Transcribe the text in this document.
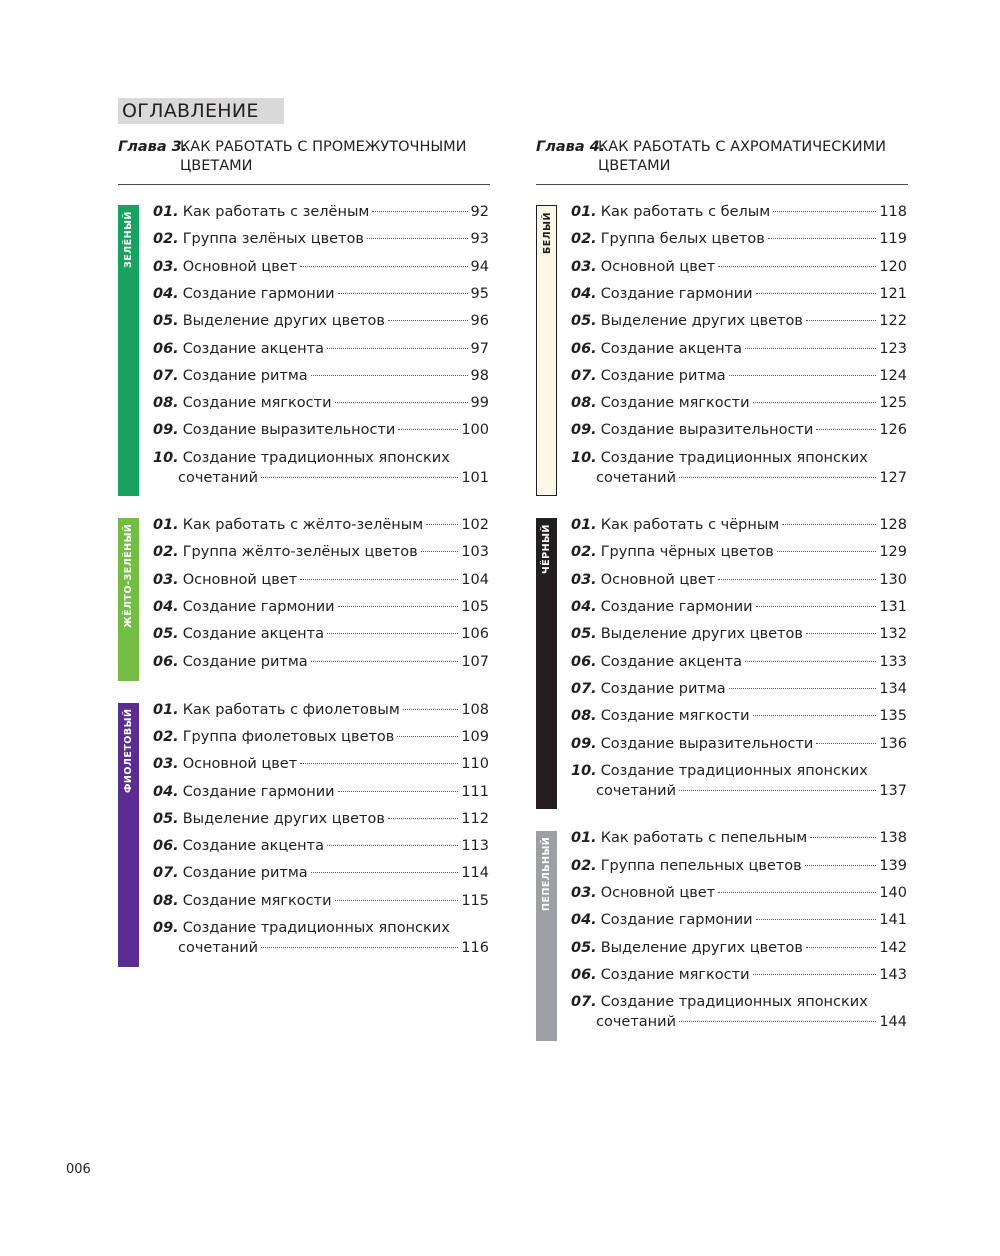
ОГЛАВЛЕНИЕ
Глава 3.
КАК РАБОТАТЬ С ПРОМЕЖУТОЧНЫМИ ЦВЕТАМИ
ЗЕЛЁНЫЙ	01. Как работать с зелёным	92
02. Группа зелёных цветов	93
03. Основной цвет	94
04. Создание гармонии	95
05. Выделение других цветов	96
06. Создание акцента	97
07. Создание ритма	98
08. Создание мягкости	99
09. Создание выразительности	100
10. Создание традиционных японских
сочетаний	101
ЖЁЛТО-ЗЕЛЁНЫЙ	01. Как работать с жёлто-зелёным	102
02. Группа жёлто-зелёных цветов	103
03. Основной цвет	104
04. Создание гармонии	105
05. Создание акцента	106
06. Создание ритма	107
ФИОЛЕТОВЫЙ	01. Как работать с фиолетовым	108
02. Группа фиолетовых цветов	109
03. Основной цвет	110
04. Создание гармонии	111
05. Выделение других цветов	112
06. Создание акцента	113
07. Создание ритма	114
08. Создание мягкости	115
09. Создание традиционных японских
сочетаний	116
Глава 4.
КАК РАБОТАТЬ С АХРОМАТИЧЕСКИМИ ЦВЕТАМИ
БЕЛЫЙ	01. Как работать с белым	118
02. Группа белых цветов	119
03. Основной цвет	120
04. Создание гармонии	121
05. Выделение других цветов	122
06. Создание акцента	123
07. Создание ритма	124
08. Создание мягкости	125
09. Создание выразительности	126
10. Создание традиционных японских
сочетаний	127
ЧЁРНЫЙ	01. Как работать с чёрным	128
02. Группа чёрных цветов	129
03. Основной цвет	130
04. Создание гармонии	131
05. Выделение других цветов	132
06. Создание акцента	133
07. Создание ритма	134
08. Создание мягкости	135
09. Создание выразительности	136
10. Создание традиционных японских
сочетаний	137
ПЕПЕЛЬНЫЙ	01. Как работать с пепельным	138
02. Группа пепельных цветов	139
03. Основной цвет	140
04. Создание гармонии	141
05. Выделение других цветов	142
06. Создание мягкости	143
07. Создание традиционных японских
сочетаний	144
006
